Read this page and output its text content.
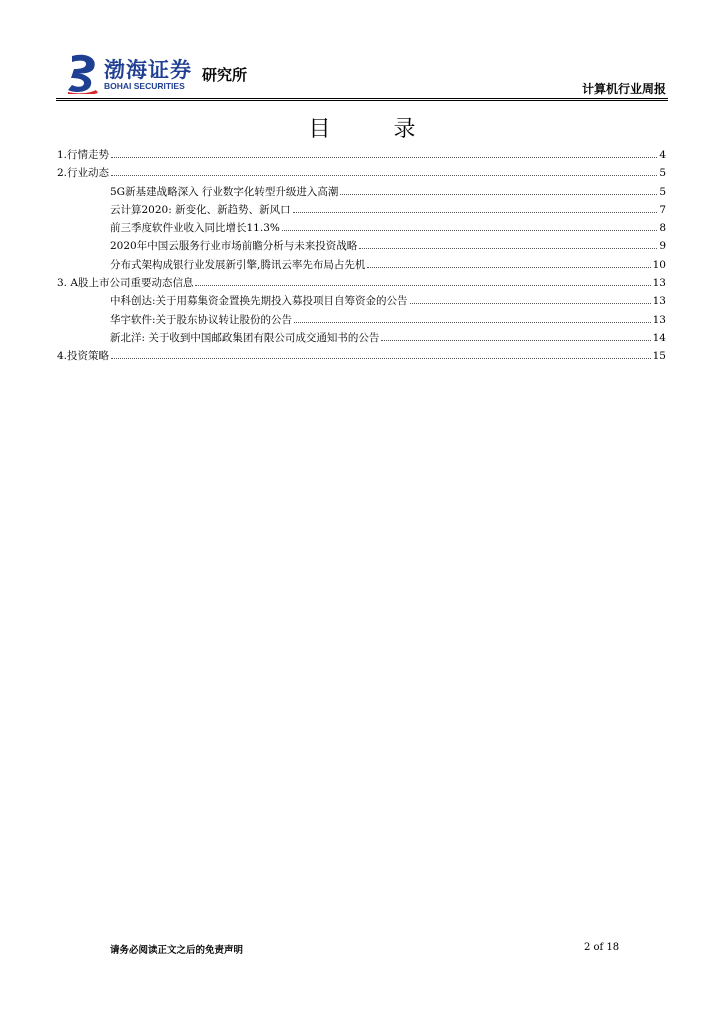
渤海证券
BOHAI SECURITIES
研究所
计算机行业周报
目 录
1.行情走势	4
2.行业动态	5
5G新基建战略深入 行业数字化转型升级进入高潮	5
云计算2020: 新变化、新趋势、新风口	7
前三季度软件业收入同比增长11.3%	8
2020年中国云服务行业市场前瞻分析与未来投资战略	9
分布式架构成银行业发展新引擎,腾讯云率先布局占先机	10
3. A股上市公司重要动态信息	13
中科创达:关于用募集资金置换先期投入募投项目自筹资金的公告	13
华宇软件:关于股东协议转让股份的公告	13
新北洋: 关于收到中国邮政集团有限公司成交通知书的公告	14
4.投资策略	15
请务必阅读正文之后的免责声明	2 of 18
